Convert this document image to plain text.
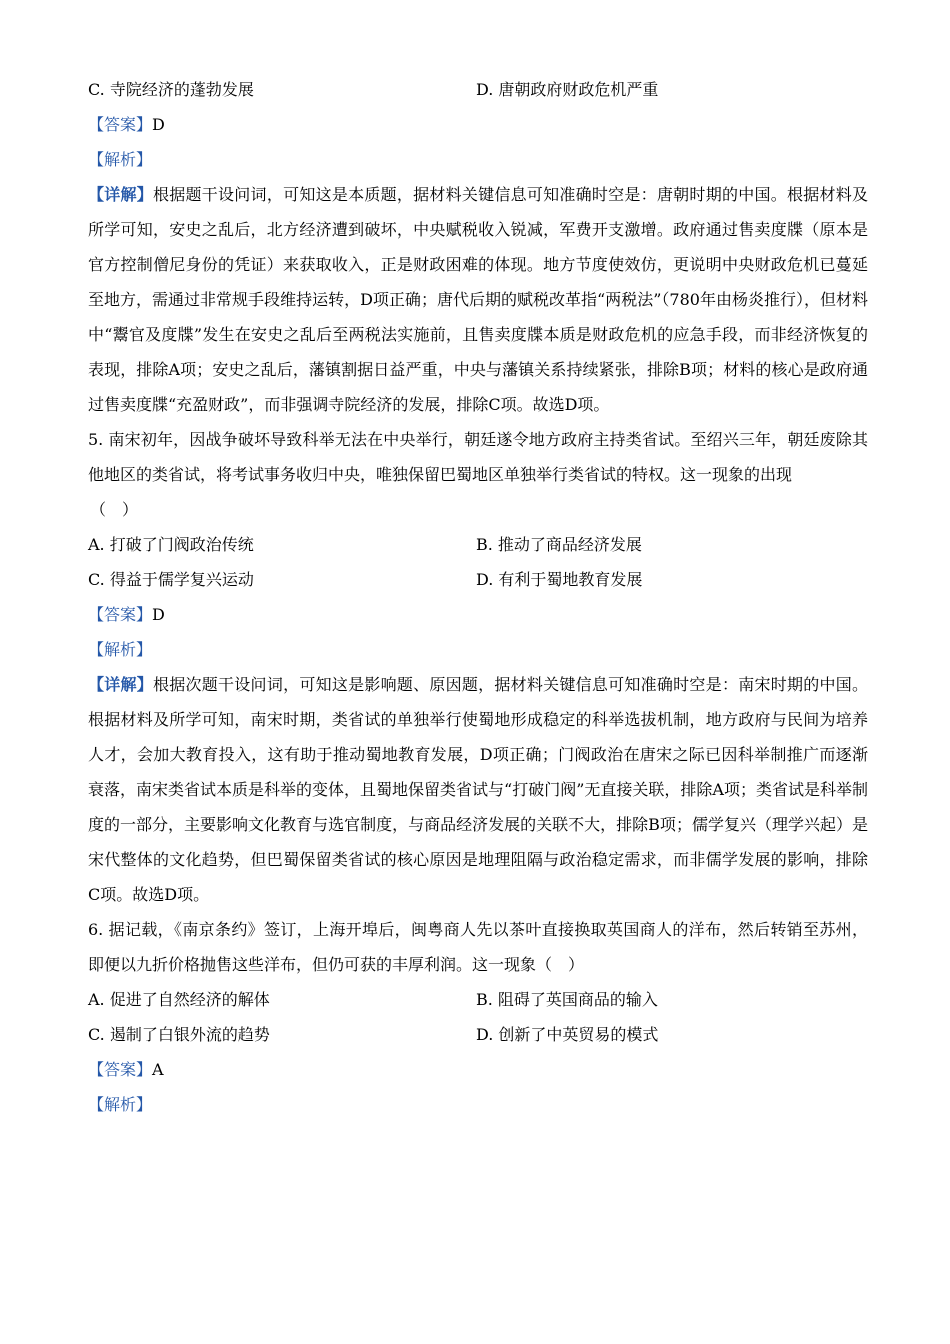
C. 寺院经济的蓬勃发展	D. 唐朝政府财政危机严重
【答案】D
【解析】
【详解】根据题干设问词，可知这是本质题，据材料关键信息可知准确时空是：唐朝时期的中国。根据材料及所学可知，安史之乱后，北方经济遭到破坏，中央赋税收入锐减，军费开支激增。政府通过售卖度牒（原本是官方控制僧尼身份的凭证）来获取收入，正是财政困难的体现。地方节度使效仿，更说明中央财政危机已蔓延至地方，需通过非常规手段维持运转，D项正确；唐代后期的赋税改革指“两税法”（780年由杨炎推行），但材料中“鬻官及度牒”发生在安史之乱后至两税法实施前，且售卖度牒本质是财政危机的应急手段，而非经济恢复的表现，排除A项；安史之乱后，藩镇割据日益严重，中央与藩镇关系持续紧张，排除B项；材料的核心是政府通过售卖度牒“充盈财政”，而非强调寺院经济的发展，排除C项。故选D项。
5. 南宋初年，因战争破坏导致科举无法在中央举行，朝廷遂令地方政府主持类省试。至绍兴三年，朝廷废除其他地区的类省试，将考试事务收归中央，唯独保留巴蜀地区单独举行类省试的特权。这一现象的出现
（　）
A. 打破了门阀政治传统	B. 推动了商品经济发展
C. 得益于儒学复兴运动	D. 有利于蜀地教育发展
【答案】D
【解析】
【详解】根据次题干设问词，可知这是影响题、原因题，据材料关键信息可知准确时空是：南宋时期的中国。根据材料及所学可知，南宋时期，类省试的单独举行使蜀地形成稳定的科举选拔机制，地方政府与民间为培养人才，会加大教育投入，这有助于推动蜀地教育发展，D项正确；门阀政治在唐宋之际已因科举制推广而逐渐衰落，南宋类省试本质是科举的变体，且蜀地保留类省试与“打破门阀”无直接关联，排除A项；类省试是科举制度的一部分，主要影响文化教育与选官制度，与商品经济发展的关联不大，排除B项；儒学复兴（理学兴起）是宋代整体的文化趋势，但巴蜀保留类省试的核心原因是地理阻隔与政治稳定需求，而非儒学发展的影响，排除C项。故选D项。
6. 据记载，《南京条约》签订，上海开埠后，闽粤商人先以茶叶直接换取英国商人的洋布，然后转销至苏州，即便以九折价格抛售这些洋布，但仍可获的丰厚利润。这一现象（　）
A. 促进了自然经济的解体	B. 阻碍了英国商品的输入
C. 遏制了白银外流的趋势	D. 创新了中英贸易的模式
【答案】A
【解析】
